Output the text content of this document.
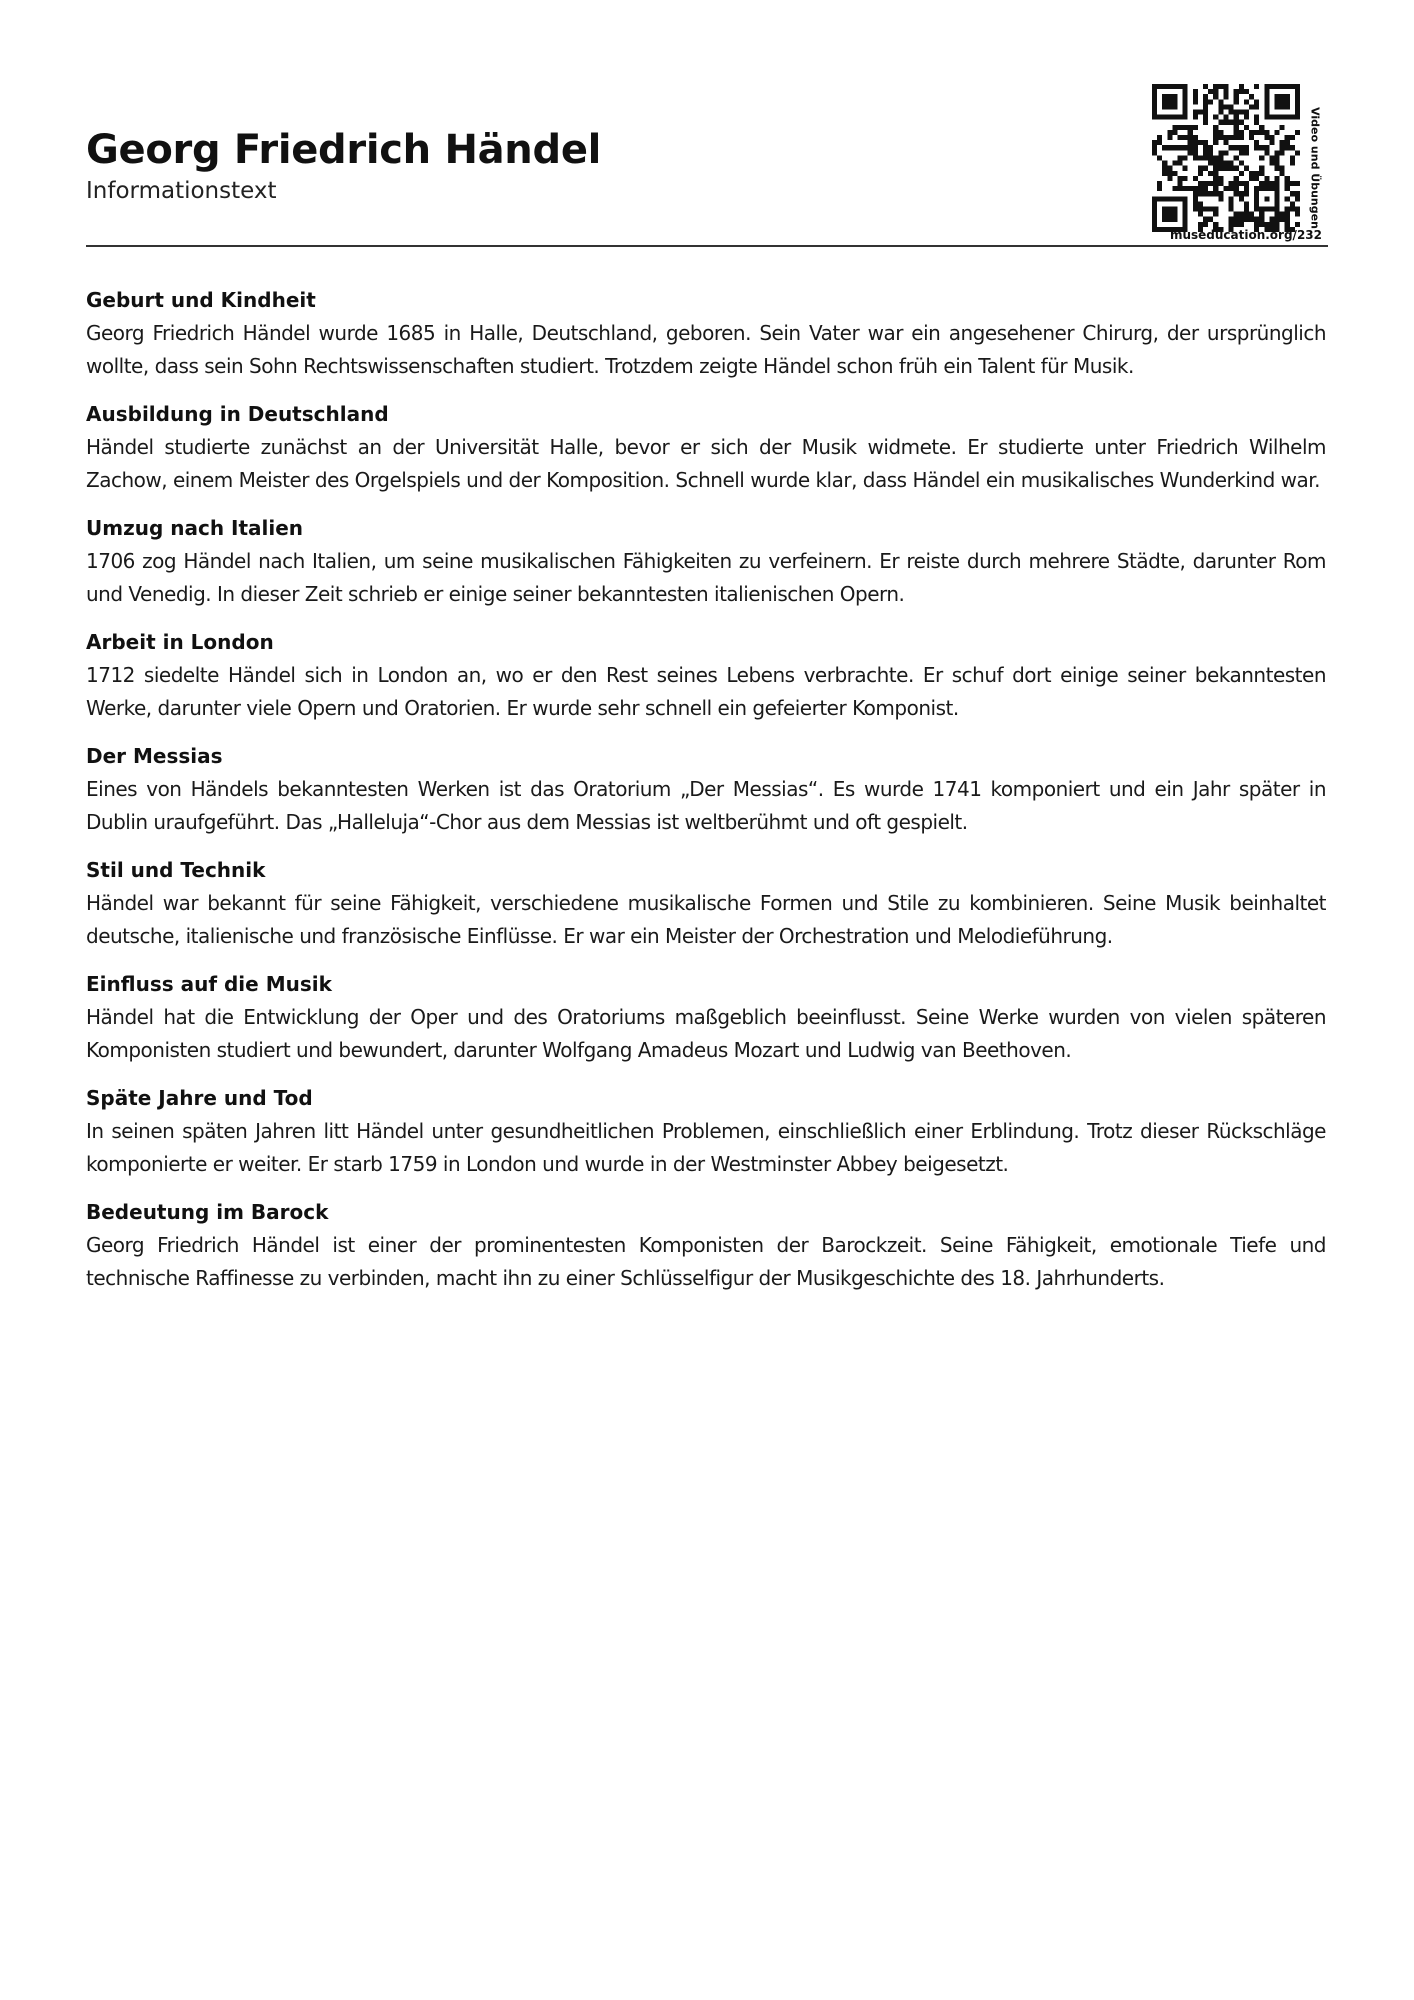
Georg Friedrich Händel

Informationstext	Video und Übungen
museducation.org/232
Geburt und Kindheit

Georg Friedrich Händel wurde 1685 in Halle, Deutschland, geboren. Sein Vater war ein angesehener Chirurg, der ursprünglich wollte, dass sein Sohn Rechtswissenschaften studiert. Trotzdem zeigte Händel schon früh ein Talent für Musik.

Ausbildung in Deutschland

Händel studierte zunächst an der Universität Halle, bevor er sich der Musik widmete. Er studierte unter Friedrich Wilhelm Zachow, einem Meister des Orgelspiels und der Komposition. Schnell wurde klar, dass Händel ein musikalisches Wunderkind war.

Umzug nach Italien

1706 zog Händel nach Italien, um seine musikalischen Fähigkeiten zu verfeinern. Er reiste durch mehrere Städte, darunter Rom und Venedig. In dieser Zeit schrieb er einige seiner bekanntesten italienischen Opern.

Arbeit in London

1712 siedelte Händel sich in London an, wo er den Rest seines Lebens verbrachte. Er schuf dort einige seiner bekanntesten Werke, darunter viele Opern und Oratorien. Er wurde sehr schnell ein gefeierter Komponist.

Der Messias

Eines von Händels bekanntesten Werken ist das Oratorium „Der Messias“. Es wurde 1741 komponiert und ein Jahr später in Dublin uraufgeführt. Das „Halleluja“-Chor aus dem Messias ist weltberühmt und oft gespielt.

Stil und Technik

Händel war bekannt für seine Fähigkeit, verschiedene musikalische Formen und Stile zu kombinieren. Seine Musik beinhaltet deutsche, italienische und französische Einflüsse. Er war ein Meister der Orchestration und Melodieführung.

Einfluss auf die Musik

Händel hat die Entwicklung der Oper und des Oratoriums maßgeblich beeinflusst. Seine Werke wurden von vielen späteren Komponisten studiert und bewundert, darunter Wolfgang Amadeus Mozart und Ludwig van Beethoven.

Späte Jahre und Tod

In seinen späten Jahren litt Händel unter gesundheitlichen Problemen, einschließlich einer Erblindung. Trotz dieser Rückschläge komponierte er weiter. Er starb 1759 in London und wurde in der Westminster Abbey beigesetzt.

Bedeutung im Barock

Georg Friedrich Händel ist einer der prominentesten Komponisten der Barockzeit. Seine Fähigkeit, emotionale Tiefe und technische Raffinesse zu verbinden, macht ihn zu einer Schlüsselfigur der Musikgeschichte des 18. Jahrhunderts.
